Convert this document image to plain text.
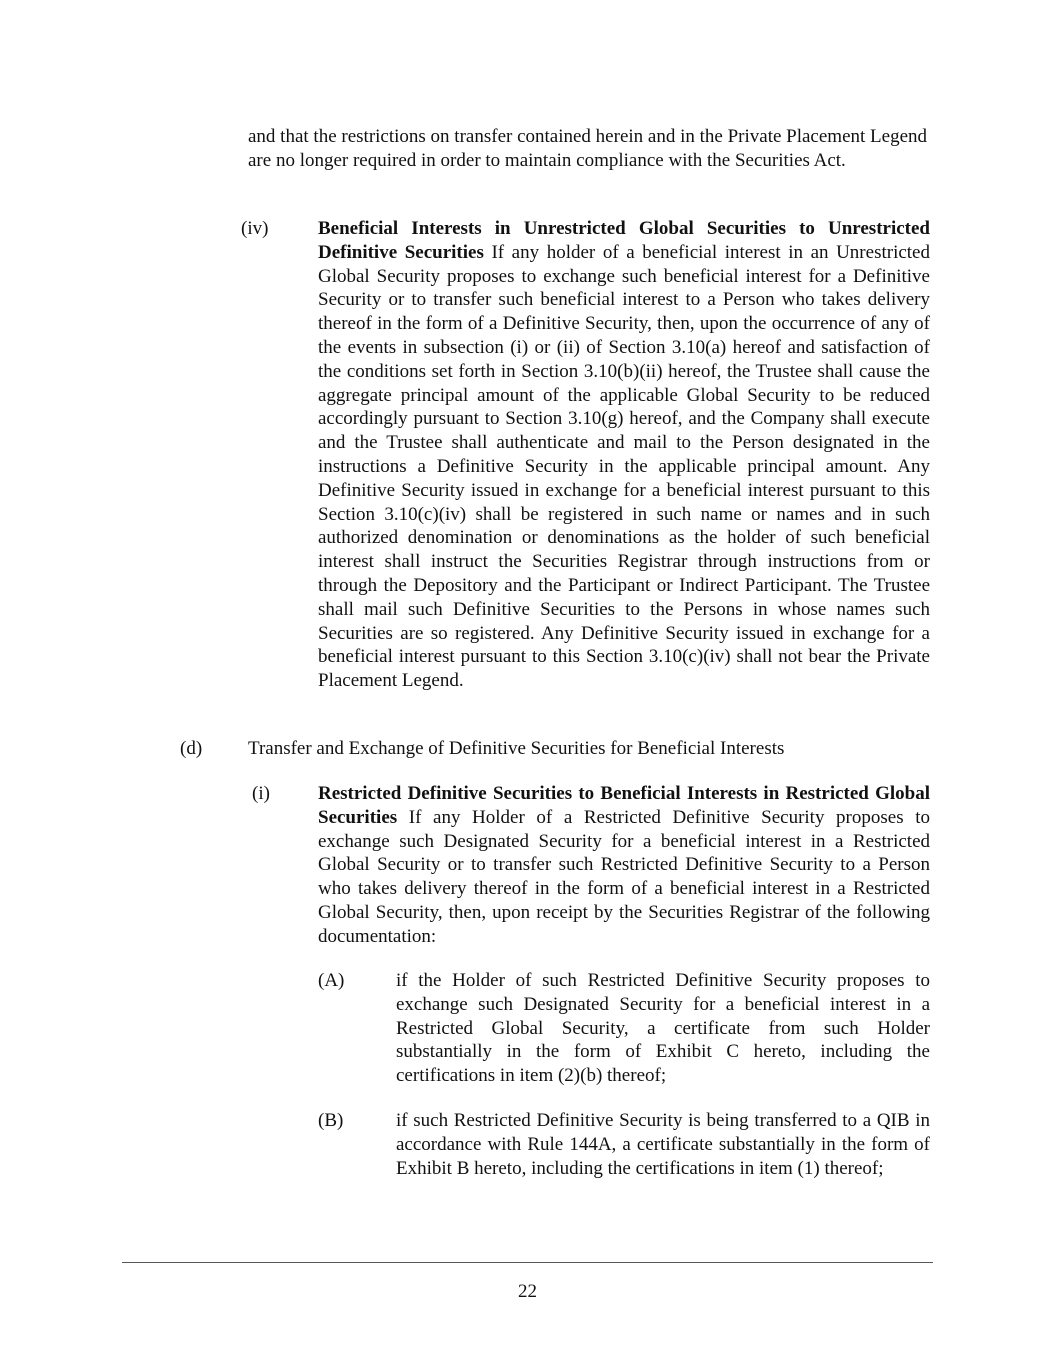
and that the restrictions on transfer contained herein and in the Private Placement Legend are no longer required in order to maintain compliance with the Securities Act.
(iv)	Beneficial Interests in Unrestricted Global Securities to Unrestricted Definitive Securities If any holder of a beneficial interest in an Unrestricted Global Security proposes to exchange such beneficial interest for a Definitive Security or to transfer such beneficial interest to a Person who takes delivery thereof in the form of a Definitive Security, then, upon the occurrence of any of the events in subsection (i) or (ii) of Section 3.10(a) hereof and satisfaction of the conditions set forth in Section 3.10(b)(ii) hereof, the Trustee shall cause the aggregate principal amount of the applicable Global Security to be reduced accordingly pursuant to Section 3.10(g) hereof, and the Company shall execute and the Trustee shall authenticate and mail to the Person designated in the instructions a Definitive Security in the applicable principal amount. Any Definitive Security issued in exchange for a beneficial interest pursuant to this Section 3.10(c)(iv) shall be registered in such name or names and in such authorized denomination or denominations as the holder of such beneficial interest shall instruct the Securities Registrar through instructions from or through the Depository and the Participant or Indirect Participant. The Trustee shall mail such Definitive Securities to the Persons in whose names such Securities are so registered. Any Definitive Security issued in exchange for a beneficial interest pursuant to this Section 3.10(c)(iv) shall not bear the Private Placement Legend.
(d) Transfer and Exchange of Definitive Securities for Beneficial Interests
(i)	Restricted Definitive Securities to Beneficial Interests in Restricted Global Securities If any Holder of a Restricted Definitive Security proposes to exchange such Designated Security for a beneficial interest in a Restricted Global Security or to transfer such Restricted Definitive Security to a Person who takes delivery thereof in the form of a beneficial interest in a Restricted Global Security, then, upon receipt by the Securities Registrar of the following documentation:
(A)	if the Holder of such Restricted Definitive Security proposes to exchange such Designated Security for a beneficial interest in a Restricted Global Security, a certificate from such Holder substantially in the form of Exhibit C hereto, including the certifications in item (2)(b) thereof;
(B)	if such Restricted Definitive Security is being transferred to a QIB in accordance with Rule 144A, a certificate substantially in the form of Exhibit B hereto, including the certifications in item (1) thereof;
22
